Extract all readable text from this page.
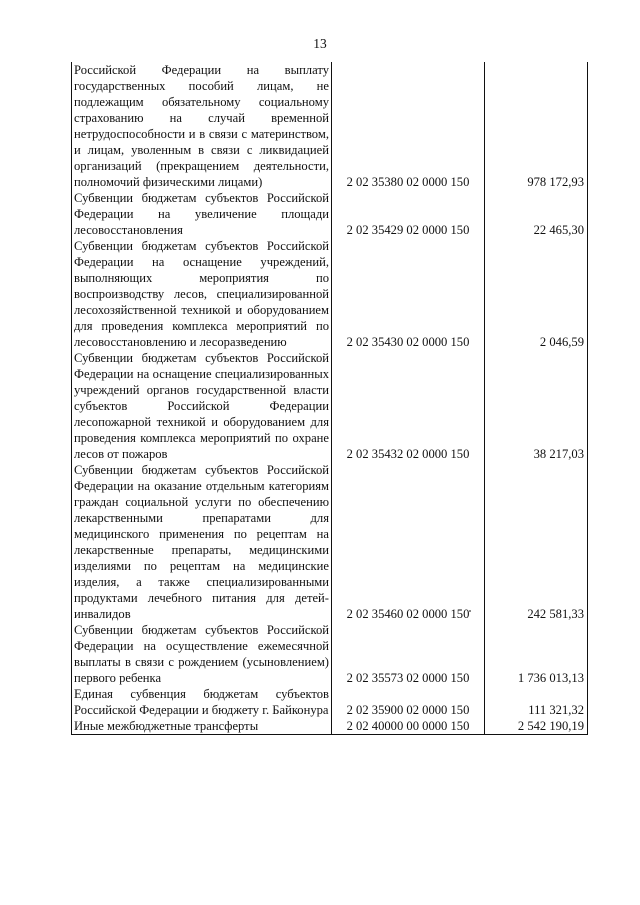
13
Российской Федерации на выплату государственных пособий лицам, не подлежащим обязательному социальному страхованию на случай временной нетрудоспособности и в связи с материнством, и лицам, уволенным в связи с ликвидацией организаций (прекращением деятельности, полномочий физическими лицами)	2 02 35380 02 0000 150	978 172,93
Субвенции бюджетам субъектов Российской Федерации на увеличение площади лесовосстановления	2 02 35429 02 0000 150	22 465,30
Субвенции бюджетам субъектов Российской Федерации на оснащение учреждений, выполняющих мероприятия по воспроизводству лесов, специализированной лесохозяйственной техникой и оборудованием для проведения комплекса мероприятий по лесовосстановлению и лесоразведению	2 02 35430 02 0000 150	2 046,59
Субвенции бюджетам субъектов Российской Федерации на оснащение специализированных учреждений органов государственной власти субъектов Российской Федерации лесопожарной техникой и оборудованием для проведения комплекса мероприятий по охране лесов от пожаров	2 02 35432 02 0000 150	38 217,03
Субвенции бюджетам субъектов Российской Федерации на оказание отдельным категориям граждан социальной услуги по обеспечению лекарственными препаратами для медицинского применения по рецептам на лекарственные препараты, медицинскими изделиями по рецептам на медицинские изделия, а также специализированными продуктами лечебного питания для детей-инвалидов	2 02 35460 02 0000 150	242 581,33
Субвенции бюджетам субъектов Российской Федерации на осуществление ежемесячной выплаты в связи с рождением (усыновлением) первого ребенка	2 02 35573 02 0000 150	1 736 013,13
Единая субвенция бюджетам субъектов Российской Федерации и бюджету г. Байконура	2 02 35900 02 0000 150	111 321,32
Иные межбюджетные трансферты	2 02 40000 00 0000 150	2 542 190,19
